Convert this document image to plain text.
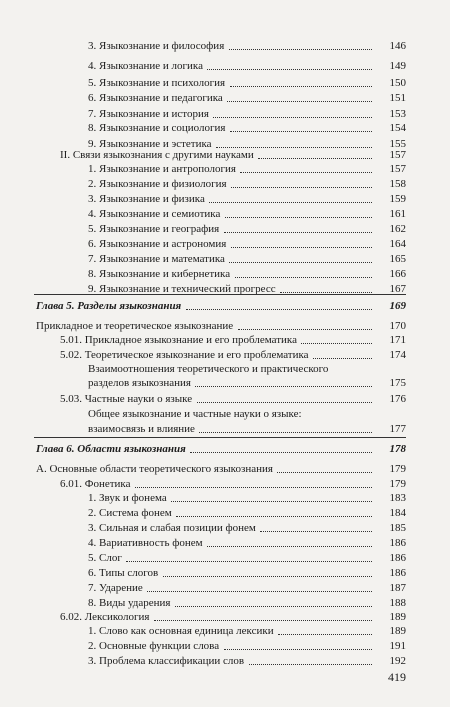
3. Языкознание и философия	146
4. Языкознание и логика	149
5. Языкознание и психология	150
6. Языкознание и педагогика	151
7. Языкознание и история	153
8. Языкознание и социология	154
9. Языкознание и эстетика	155
II. Связи языкознания с другими науками	157
1. Языкознание и антропология	157
2. Языкознание и физиология	158
3. Языкознание и физика	159
4. Языкознание и семиотика	161
5. Языкознание и география	162
6. Языкознание и астрономия	164
7. Языкознание и математика	165
8. Языкознание и кибернетика	166
9. Языкознание и технический прогресс	167
Глава 5. Разделы языкознания	169
Прикладное и теоретическое языкознание	170
5.01. Прикладное языкознание и его проблематика	171
5.02. Теоретическое языкознание и его проблематика	174
Взаимоотношения теоретического и практического
разделов языкознания	175
5.03. Частные науки о языке	176
Общее языкознание и частные науки о языке:
взаимосвязь и влияние	177
Глава 6. Области языкознания	178
А. Основные области теоретического языкознания	179
6.01. Фонетика	179
1. Звук и фонема	183
2. Система фонем	184
3. Сильная и слабая позиции фонем	185
4. Вариативность фонем	186
5. Слог	186
6. Типы слогов	186
7. Ударение	187
8. Виды ударения	188
6.02. Лексикология	189
1. Слово как основная единица лексики	189
2. Основные функции слова	191
3. Проблема классификации слов	192
419
